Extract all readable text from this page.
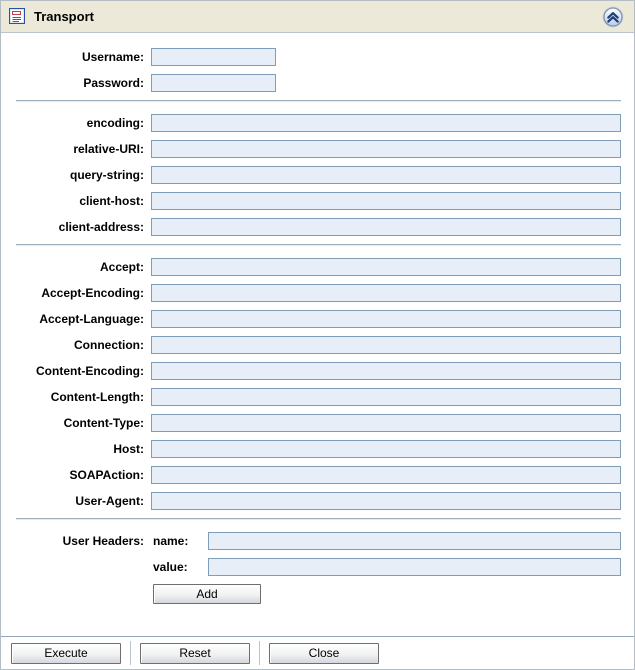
Transport
Username:
Password:
encoding:
relative-URI:
query-string:
client-host:
client-address:
Accept:
Accept-Encoding:
Accept-Language:
Connection:
Content-Encoding:
Content-Length:
Content-Type:
Host:
SOAPAction:
User-Agent:
User Headers: name:
value:
Add
Execute	Reset	Close
